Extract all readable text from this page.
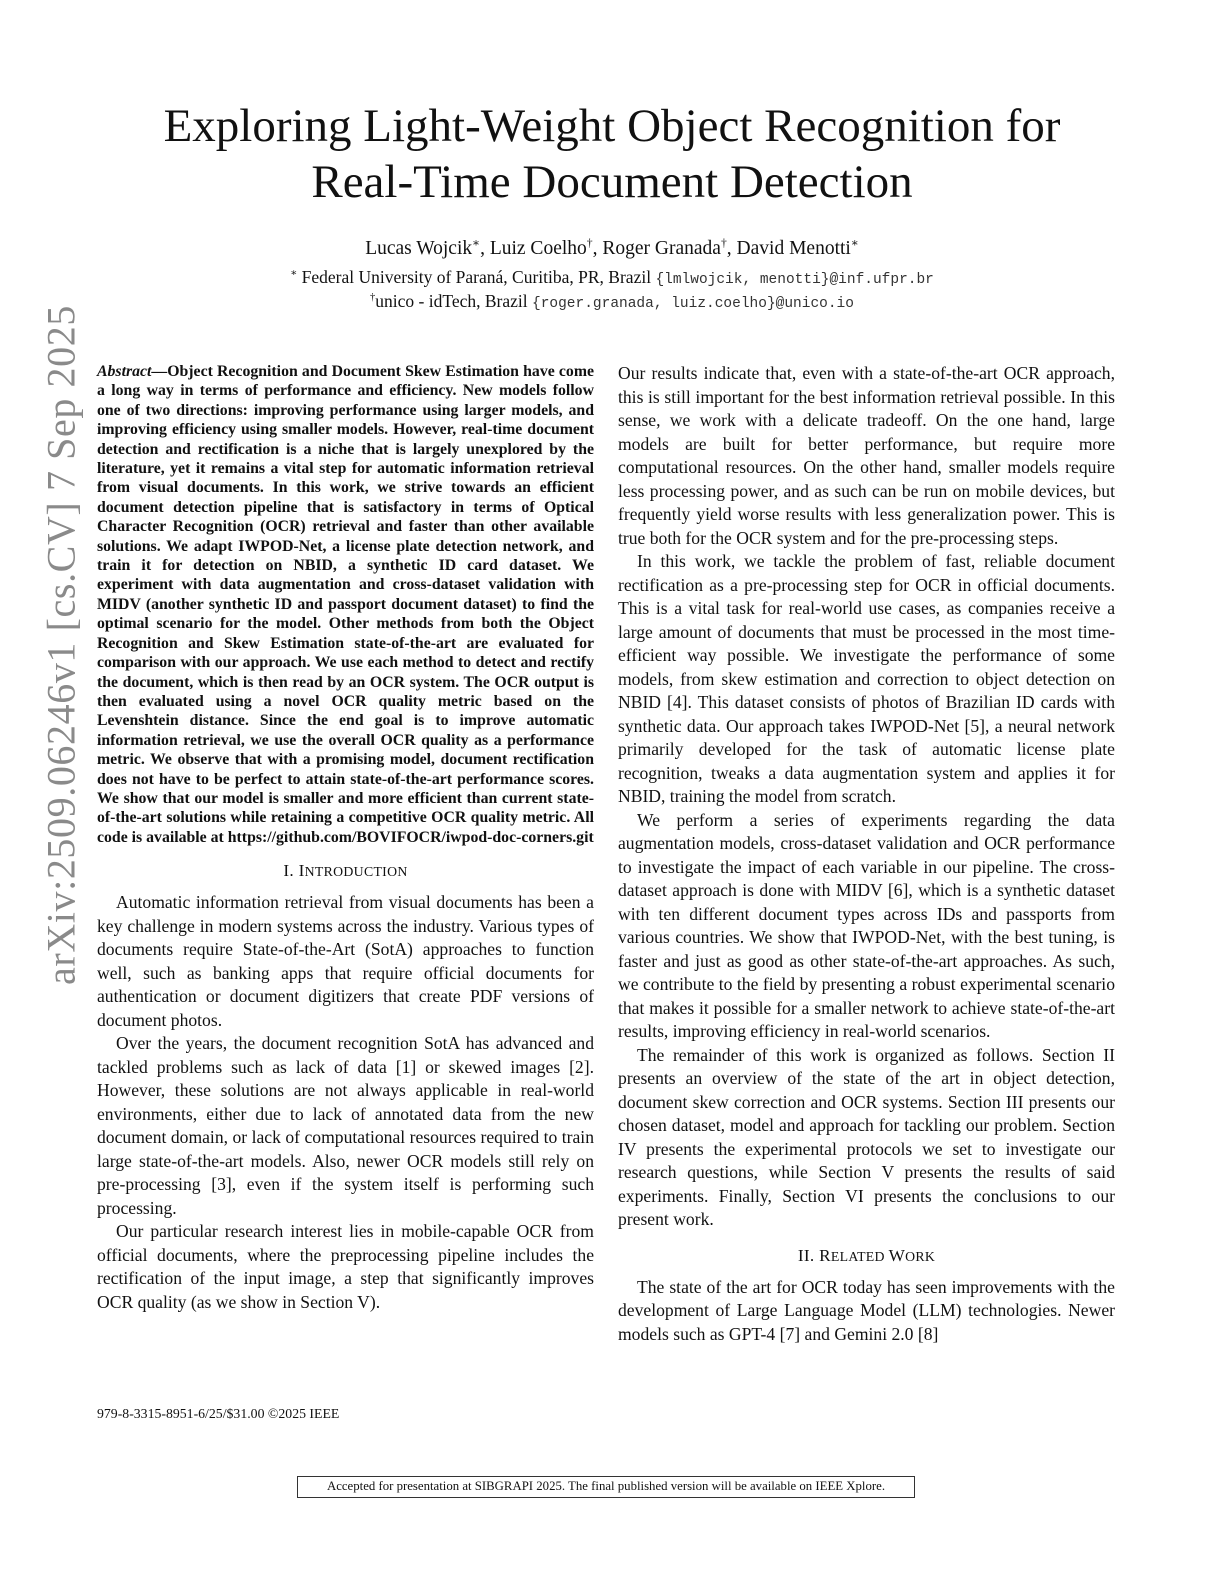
arXiv:2509.06246v1 [cs.CV] 7 Sep 2025
Exploring Light-Weight Object Recognition for
Real-Time Document Detection
Lucas Wojcik∗, Luiz Coelho†, Roger Granada†, David Menotti∗
∗ Federal University of Paraná, Curitiba, PR, Brazil {lmlwojcik, menotti}@inf.ufpr.br
†unico - idTech, Brazil {roger.granada, luiz.coelho}@unico.io

Abstract—Object Recognition and Document Skew Estimation have come a long way in terms of performance and efficiency. New models follow one of two directions: improving performance using larger models, and improving efficiency using smaller models. However, real-time document detection and rectification is a niche that is largely unexplored by the literature, yet it remains a vital step for automatic information retrieval from visual documents. In this work, we strive towards an efficient document detection pipeline that is satisfactory in terms of Optical Character Recognition (OCR) retrieval and faster than other available solutions. We adapt IWPOD-Net, a license plate detection network, and train it for detection on NBID, a synthetic ID card dataset. We experiment with data augmentation and cross-dataset validation with MIDV (another synthetic ID and passport document dataset) to find the optimal scenario for the model. Other methods from both the Object Recognition and Skew Estimation state-of-the-art are evaluated for comparison with our approach. We use each method to detect and rectify the document, which is then read by an OCR system. The OCR output is then evaluated using a novel OCR quality metric based on the Levenshtein distance. Since the end goal is to improve automatic information retrieval, we use the overall OCR quality as a performance metric. We observe that with a promising model, document rectification does not have to be perfect to attain state-of-the-art performance scores. We show that our model is smaller and more efficient than current state-of-the-art solutions while retaining a competitive OCR quality metric. All code is available at https://github.com/BOVIFOCR/iwpod-doc-corners.git

I. INTRODUCTION

Automatic information retrieval from visual documents has been a key challenge in modern systems across the industry. Various types of documents require State-of-the-Art (SotA) approaches to function well, such as banking apps that require official documents for authentication or document digitizers that create PDF versions of document photos.

Over the years, the document recognition SotA has advanced and tackled problems such as lack of data [1] or skewed images [2]. However, these solutions are not always applicable in real-world environments, either due to lack of annotated data from the new document domain, or lack of computational resources required to train large state-of-the-art models. Also, newer OCR models still rely on pre-processing [3], even if the system itself is performing such processing.

Our particular research interest lies in mobile-capable OCR from official documents, where the preprocessing pipeline includes the rectification of the input image, a step that significantly improves OCR quality (as we show in Section V).

979-8-3315-8951-6/25/$31.00 ©2025 IEEE

Our results indicate that, even with a state-of-the-art OCR approach, this is still important for the best information retrieval possible. In this sense, we work with a delicate tradeoff. On the one hand, large models are built for better performance, but require more computational resources. On the other hand, smaller models require less processing power, and as such can be run on mobile devices, but frequently yield worse results with less generalization power. This is true both for the OCR system and for the pre-processing steps.

In this work, we tackle the problem of fast, reliable document rectification as a pre-processing step for OCR in official documents. This is a vital task for real-world use cases, as companies receive a large amount of documents that must be processed in the most time-efficient way possible. We investigate the performance of some models, from skew estimation and correction to object detection on NBID [4]. This dataset consists of photos of Brazilian ID cards with synthetic data. Our approach takes IWPOD-Net [5], a neural network primarily developed for the task of automatic license plate recognition, tweaks a data augmentation system and applies it for NBID, training the model from scratch.

We perform a series of experiments regarding the data augmentation models, cross-dataset validation and OCR performance to investigate the impact of each variable in our pipeline. The cross-dataset approach is done with MIDV [6], which is a synthetic dataset with ten different document types across IDs and passports from various countries. We show that IWPOD-Net, with the best tuning, is faster and just as good as other state-of-the-art approaches. As such, we contribute to the field by presenting a robust experimental scenario that makes it possible for a smaller network to achieve state-of-the-art results, improving efficiency in real-world scenarios.

The remainder of this work is organized as follows. Section II presents an overview of the state of the art in object detection, document skew correction and OCR systems. Section III presents our chosen dataset, model and approach for tackling our problem. Section IV presents the experimental protocols we set to investigate our research questions, while Section V presents the results of said experiments. Finally, Section VI presents the conclusions to our present work.

II. RELATED WORK

The state of the art for OCR today has seen improvements with the development of Large Language Model (LLM) technologies. Newer models such as GPT-4 [7] and Gemini 2.0 [8]

Accepted for presentation at SIBGRAPI 2025. The final published version will be available on IEEE Xplore.
